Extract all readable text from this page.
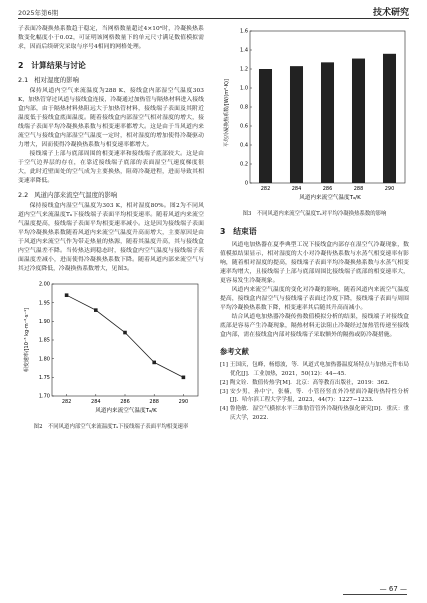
2025年第6期	技术研究

子表面冷凝换热系数趋于稳定，当网格数量超过4×10⁶时，冷凝换热系数变化幅度小于0.02，可证明该网格数量下的单元尺寸满足数值模拟需求，因而后续研究采取与序号4相同的网格处理。

2　计算结果与讨论
2.1 相对湿度的影响

保持风道内空气来流温度为288 K、接线盒内部湿空气温度303 K，加热管穿过风道与接线盒连接，冷凝通过加热管与隔热材料进入接线盒内部，由于隔热材料热阻远大于加热管材料，接线端子表面及其附近温度低于接线盒底面温度。随着接线盒内部湿空气相对湿度的增大，接线端子表面平均冷凝换热系数与相变速率都增大。这是由于当风道内来流空气与接线盒内部湿空气温度一定时，相对湿度的增加使得冷凝驱动力增大，因而使得冷凝换热系数与相变速率都增大。

接线端子上部与底部周围的相变速率和接线端子底部较大。这是由于空气边界层的存在，在靠近接线端子底部的表面湿空气速度梯度很大，此时近壁面处的空气成为主要换热，阻碍冷凝进程，进而导致其相变速率降低。

2.2 风道内部来流空气温度的影响

保持接线盒内湿空气温度为303 K，相对湿度80%。图2为不同风道内空气来流温度Tₐ下接线端子表面平均相变速率。随着风道内来流空气温度提高，接线端子表面平均相变速率减小。这是因为接线端子表面平均冷凝换热系数随着风道内来流空气温度升高而增大，主要原因是由于风道内来流空气作为带走热量的热源，随着其温度升高，其与接线盒内空气温差不降。当传热达到稳态时，接线盒内空气温度与接线端子表面温度差减小，进而使得冷凝换热系数下降。随着风道内部来流空气与其过冷度降低，冷凝换热系数增大，见图3。

282	284	286	288	290
1.70
1.75
1.80
1.85
1.90
1.95
2.00
风道内来流空气温度Tₐ/K
相变速率/[10⁻⁵ kg·m⁻²·s⁻¹]
图2　不同风道内部空气来流温度Tₐ下接线端子表面平均相变速率
0
0.2
0.4
0.6
0.8
1.0
1.2
1.4
1.6
282	284	286	288	290
风道内来流空气温度Tₐ/K
平均冷凝换热系数/[W/(m²·K)]
图3　不同风道内来流空气温度Tₐ对平均冷凝换热系数的影响
3　结束语

风道电加热器在夏季典型工况下接线盒内部存在湿空气冷凝现象，数值模拟结果显示，相对湿度的大小对冷凝传热系数与水蒸气相变速率有影响，随着相对湿度的提高，接线端子表面平均冷凝换热系数与水蒸气相变速率均增大，且接线端子上部与底部周围比接线端子底部的相变速率大，更容易发生冷凝现象。

风道内来流空气温度的变化对冷凝的影响，随着风道内来流空气温度提高，接线盒内湿空气与接线端子表面过冷度下降，接线端子表面与周围平均冷凝换热系数下降，相变速率其后随其升高而减小。

结合风道电加热器冷凝传热数值模拟分析的结果，接线端子对接线盒底部是容易产生冷凝现象，隔热材料无法阻止冷凝经过加热管传递至接线盒内部，需在接线盒内部对接线端子采取额外的隔热或防冷凝措施。

参考文献
[1] 王国庆，包峰，杨德波，等．风道式电加热器温度场特点与加热元件布局优化[J]．工业加热，2021，50(12)：44−45.
[2] 陶文铨．数值传热学[M]．北京：高等教育出版社，2019：362.
[3] 安少男，孙中宁，张楠，等．小管径竖直外冷壁面冷凝传热特性分析[J]．哈尔滨工程大学学报，2023，44(7)：1227−1233.
[4] 鲁艳敏．湿空气横掠水平三维肋管管外冷凝传热强化研究[D]．重庆：重庆大学，2022.
— 67 —
